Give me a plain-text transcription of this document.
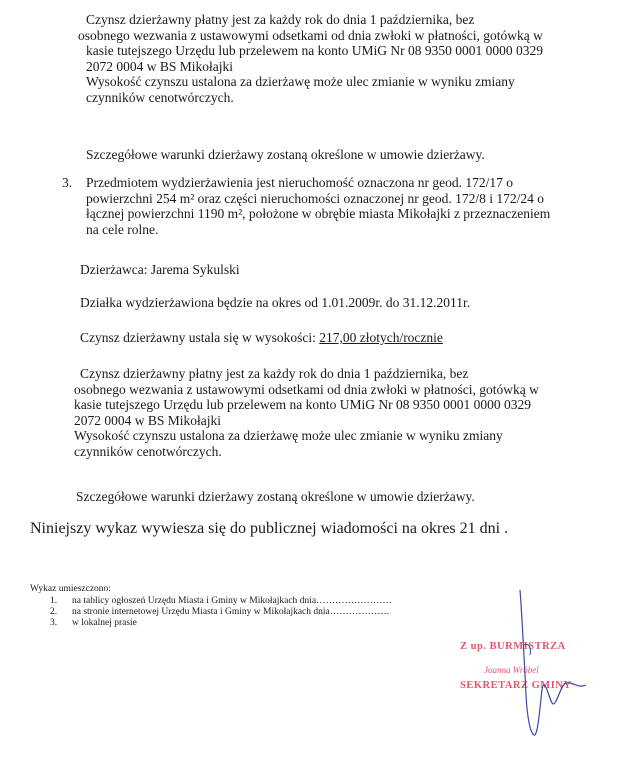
Czynsz dzierżawny płatny jest za każdy rok do dnia 1 października, bez
osobnego wezwania z ustawowymi odsetkami od dnia zwłoki w płatności, gotówką w
kasie tutejszego Urzędu lub przelewem na konto UMiG Nr 08 9350 0001 0000 0329
2072 0004 w BS Mikołajki
Wysokość czynszu ustalona za dzierżawę może ulec zmianie w wyniku zmiany
czynników cenotwórczych.
Szczegółowe warunki dzierżawy zostaną określone w umowie dzierżawy.
3. Przedmiotem wydzierżawienia jest nieruchomość oznaczona nr geod. 172/17 o
powierzchni 254 m² oraz części nieruchomości oznaczonej nr geod. 172/8 i 172/24 o
łącznej powierzchni 1190 m², położone w obrębie miasta Mikołajki z przeznaczeniem
na cele rolne.
Dzierżawca: Jarema Sykulski
Działka wydzierżawiona będzie na okres od 1.01.2009r. do 31.12.2011r.
Czynsz dzierżawny ustala się w wysokości: 217,00 złotych/rocznie
Czynsz dzierżawny płatny jest za każdy rok do dnia 1 października, bez
osobnego wezwania z ustawowymi odsetkami od dnia zwłoki w płatności, gotówką w
kasie tutejszego Urzędu lub przelewem na konto UMiG Nr 08 9350 0001 0000 0329
2072 0004 w BS Mikołajki
Wysokość czynszu ustalona za dzierżawę może ulec zmianie w wyniku zmiany
czynników cenotwórczych.
Szczegółowe warunki dzierżawy zostaną określone w umowie dzierżawy.
Niniejszy wykaz wywiesza się do publicznej wiadomości na okres 21 dni .
Wykaz umieszczono:
1. na tablicy ogłoszeń Urzędu Miasta i Gminy w Mikołajkach dnia……………………
2. na stronie internetowej Urzędu Miasta i Gminy w Mikołajkach dnia……………….
3. w lokalnej prasie
Z up. BURMISTRZA
Joanna Wróbel
SEKRETARZ GMINY
